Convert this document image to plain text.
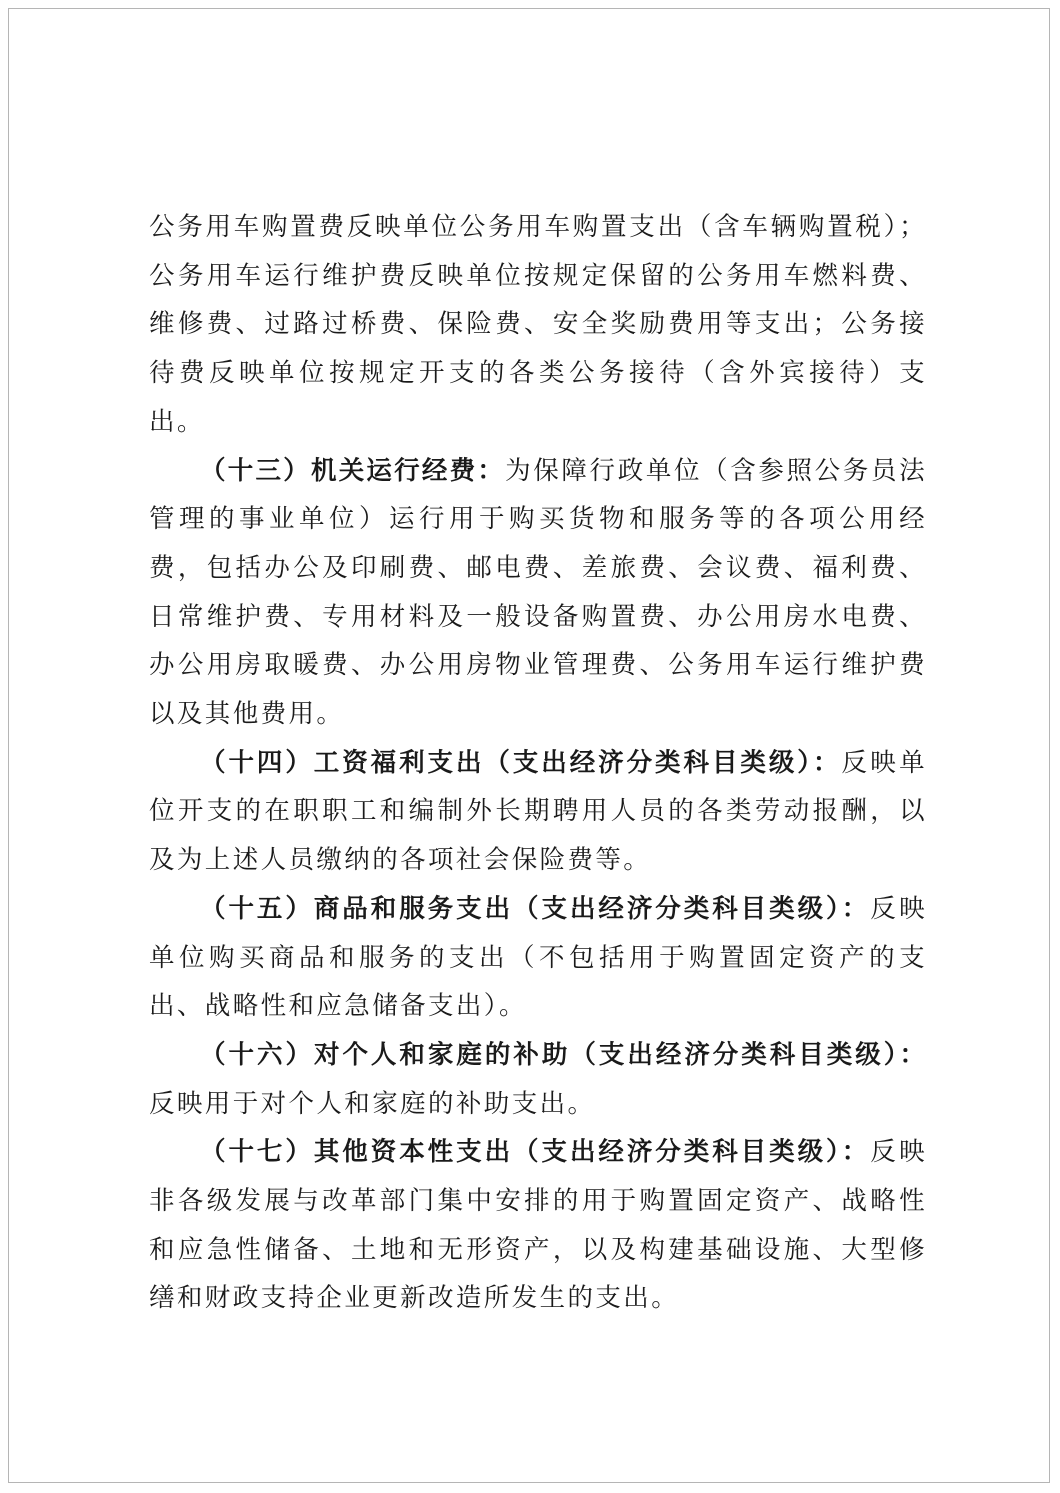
公务用车购置费反映单位公务用车购置支出（含车辆购置税）；公务用车运行维护费反映单位按规定保留的公务用车燃料费、维修费、过路过桥费、保险费、安全奖励费用等支出；公务接待费反映单位按规定开支的各类公务接待（含外宾接待）支出。

（十三）机关运行经费：为保障行政单位（含参照公务员法管理的事业单位）运行用于购买货物和服务等的各项公用经费，包括办公及印刷费、邮电费、差旅费、会议费、福利费、日常维护费、专用材料及一般设备购置费、办公用房水电费、办公用房取暖费、办公用房物业管理费、公务用车运行维护费以及其他费用。

（十四）工资福利支出（支出经济分类科目类级）：反映单位开支的在职职工和编制外长期聘用人员的各类劳动报酬，以及为上述人员缴纳的各项社会保险费等。

（十五）商品和服务支出（支出经济分类科目类级）：反映单位购买商品和服务的支出（不包括用于购置固定资产的支出、战略性和应急储备支出）。

（十六）对个人和家庭的补助（支出经济分类科目类级）：反映用于对个人和家庭的补助支出。

（十七）其他资本性支出（支出经济分类科目类级）：反映非各级发展与改革部门集中安排的用于购置固定资产、战略性和应急性储备、土地和无形资产，以及构建基础设施、大型修缮和财政支持企业更新改造所发生的支出。
